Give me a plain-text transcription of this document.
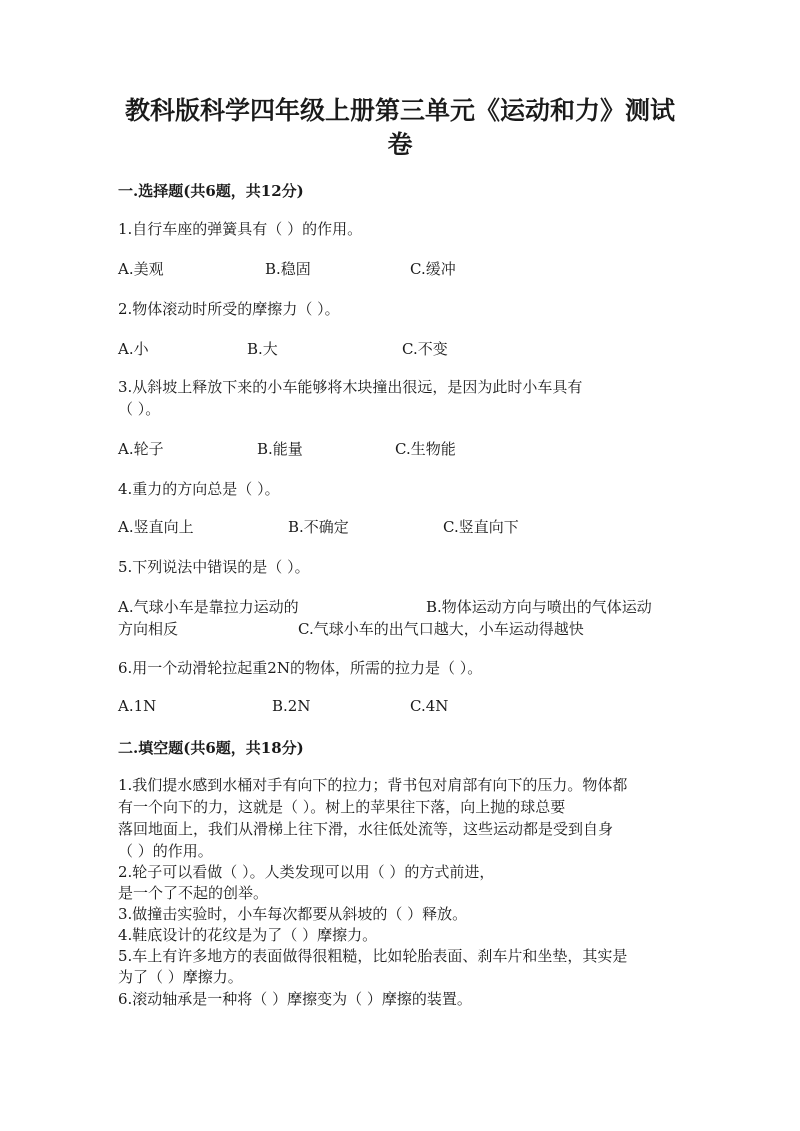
教科版科学四年级上册第三单元《运动和力》测试
卷
一.选择题(共6题，共12分)
1.自行车座的弹簧具有（ ）的作用。
A.美观	B.稳固	C.缓冲
2.物体滚动时所受的摩擦力（ ）。
A.小	B.大	C.不变
3.从斜坡上释放下来的小车能够将木块撞出很远，是因为此时小车具有
（ ）。
A.轮子	B.能量	C.生物能
4.重力的方向总是（ ）。
A.竖直向上	B.不确定	C.竖直向下
5.下列说法中错误的是（ ）。
A.气球小车是靠拉力运动的	B.物体运动方向与喷出的气体运动
方向相反	C.气球小车的出气口越大，小车运动得越快
6.用一个动滑轮拉起重2N的物体，所需的拉力是（ ）。
A.1N	B.2N	C.4N
二.填空题(共6题，共18分)
1.我们提水感到水桶对手有向下的拉力；背书包对肩部有向下的压力。物体都
有一个向下的力，这就是（ ）。树上的苹果往下落，向上抛的球总要
落回地面上，我们从滑梯上往下滑，水往低处流等，这些运动都是受到自身
（ ）的作用。
2.轮子可以看做（ ）。人类发现可以用（ ）的方式前进，
是一个了不起的创举。
3.做撞击实验时，小车每次都要从斜坡的（ ）释放。
4.鞋底设计的花纹是为了（ ）摩擦力。
5.车上有许多地方的表面做得很粗糙，比如轮胎表面、刹车片和坐垫，其实是
为了（ ）摩擦力。
6.滚动轴承是一种将（ ）摩擦变为（ ）摩擦的装置。
